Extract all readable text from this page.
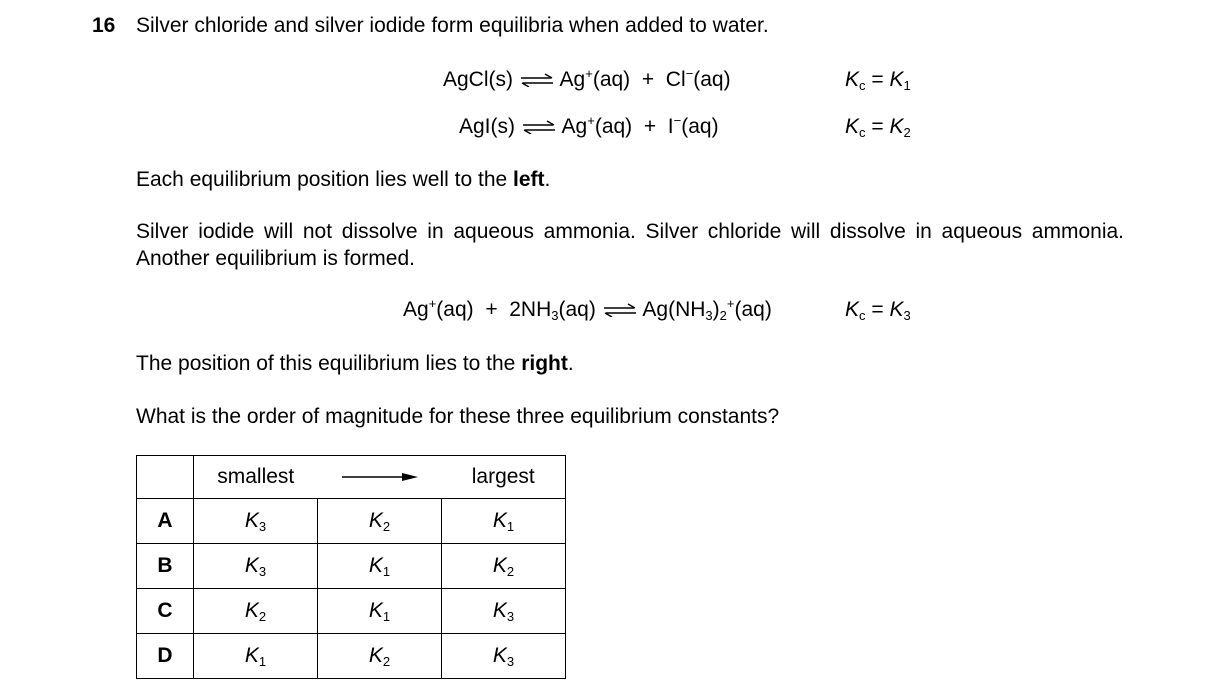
16 Silver chloride and silver iodide form equilibria when added to water.
AgCl(s) ⇌ Ag+(aq) + Cl−(aq)	$K_c = K_1$
AgI(s) ⇌ Ag+(aq) + I−(aq)	$K_c = K_2$
Each equilibrium position lies well to the left.
Silver iodide will not dissolve in aqueous ammonia. Silver chloride will dissolve in aqueous ammonia. Another equilibrium is formed.
$Ag^+(aq) + 2NH_3(aq)$ ⇌ $Ag(NH_3)_2^+(aq)$	$K_c = K_3$
The position of this equilibrium lies to the right.
What is the order of magnitude for these three equilibrium constants?
	smallest		largest
A	$K_3$	$K_2$	$K_1$
B	$K_3$	$K_1$	$K_2$
C	$K_2$	$K_1$	$K_3$
D	$K_1$	$K_2$	$K_3$
